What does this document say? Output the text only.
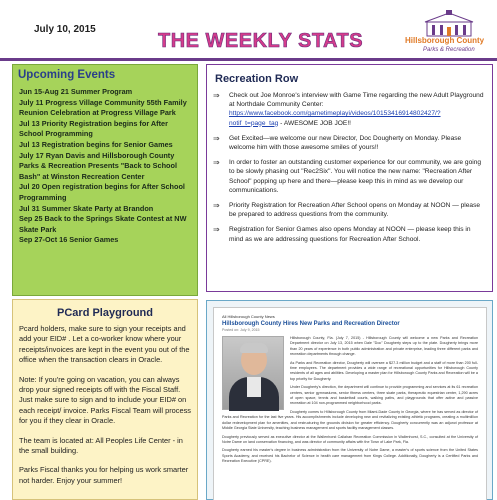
July 10, 2015
THE WEEKLY STATS	Hillsborough County
Parks & Recreation
Upcoming Events
Jun 15-Aug 21 Summer Program
July 11 Progress Village Community 55th Family Reunion Celebration at Progress Village Park
Jul 13 Priority Registration begins for After School Programming
Jul 13 Registration begins for Senior Games
July 17 Ryan Davis and Hillsborough County Parks & Recreation Presents "Back to School Bash" at Winston Recreation Center
Jul 20 Open registration begins for After School Programming
Jul 31 Summer Skate Party at Brandon
Sep 25 Back to the Springs Skate Contest at NW Skate Park
Sep 27-Oct 16 Senior Games
PCard Playground

Pcard holders, make sure to sign your receipts and add your EID# . Let a co-worker know where your receipts/invoices are kept in the event you out of the office when the transaction clears in Oracle.

Note: If you're going on vacation, you can always drop your signed receipts off with the Fiscal Staff. Just make sure to sign and to include your EID# on each receipt/ invoice. Parks Fiscal Team will process for you if they clear in Oracle.

The team is located at: All Peoples Life Center - in the small building.

Parks Fiscal thanks you for helping us work smarter not harder. Enjoy your summer!

Recreation Row
⇒ Check out Joe Monroe's interview with Game Time regarding the new Adult Playground at Northdale Community Center: https://www.facebook.com/gametimeplayi/videos/10153416914802427/?notif_t=page_tag - AWESOME JOB JOE!!
⇒ Get Excited—we welcome our new Director, Doc Dougherty on Monday. Please welcome him with those awesome smiles of yours!!
⇒ In order to foster an outstanding customer experience for our community, we are going to be slowly phasing out "Rec2Six". You will notice the new name: "Recreation After School" popping up here and there—please keep this in mind as we develop our communications.
⇒ Priority Registration for Recreation After School opens on Monday at NOON — please be prepared to address questions from the community.
⇒ Registration for Senior Games also opens Monday at NOON — please keep this in mind as we are addressing questions for Recreation After School.
All Hillsborough County News
Hillsborough County Hires New Parks and Recreation Director
Posted on: July 9, 2015

Hillsborough County, Fla. (July 7, 2015) - Hillsborough County will welcome a new Parks and Recreation Department director on July 13, 2015 when Dale "Doc" Dougherty steps up to the plate. Dougherty brings more than 20 years of experience in both public administration and private enterprise, leading three different parks and recreation departments through change.

As Parks and Recreation director, Dougherty will oversee a $27.3 million budget and a staff of more than 200 full-time employees. The department provides a wide range of recreational opportunities for Hillsborough County residents of all ages and abilities. Developing a master plan for Hillsborough County Parks and Recreation will be a top priority for Dougherty.

Under Dougherty's direction, the department will continue to provide programming and services at its 61 recreation centers, senior gymnasiums, senior fitness centers, three skate parks, therapeutic equestrian center, 1,290 acres of open space, tennis and basketball courts, walking paths, and playgrounds that offer active and passive recreation at 104 non-programmed neighborhood parks.

Dougherty comes to Hillsborough County from Miami-Dade County in Georgia, where he has served as director of Parks and Recreation for the last five years. His accomplishments include developing new and revitalizing existing athletic programs, creating a multimillion dollar redevelopment plan for amenities, and restructuring the grounds division for greater efficiency. Dougherty concurrently was an adjunct professor at Middle Georgia State University, teaching business management and sports facility management classes.

Dougherty previously served as executive director at the Wallenhorst Callahan Recreation Commission in Wallenhorst, S.C., consulted at the University of Notre Dame on land conservation financing, and was director of community affairs with the Town of Lake Park, Fla.

Dougherty earned his master's degree in business administration from the University of Notre Dame, a master's of sports science from the United States Sports Academy, and received his Bachelor of Science in health care management from Kings College. Additionally, Dougherty is a Certified Parks and Recreation Executive (CPRE).
